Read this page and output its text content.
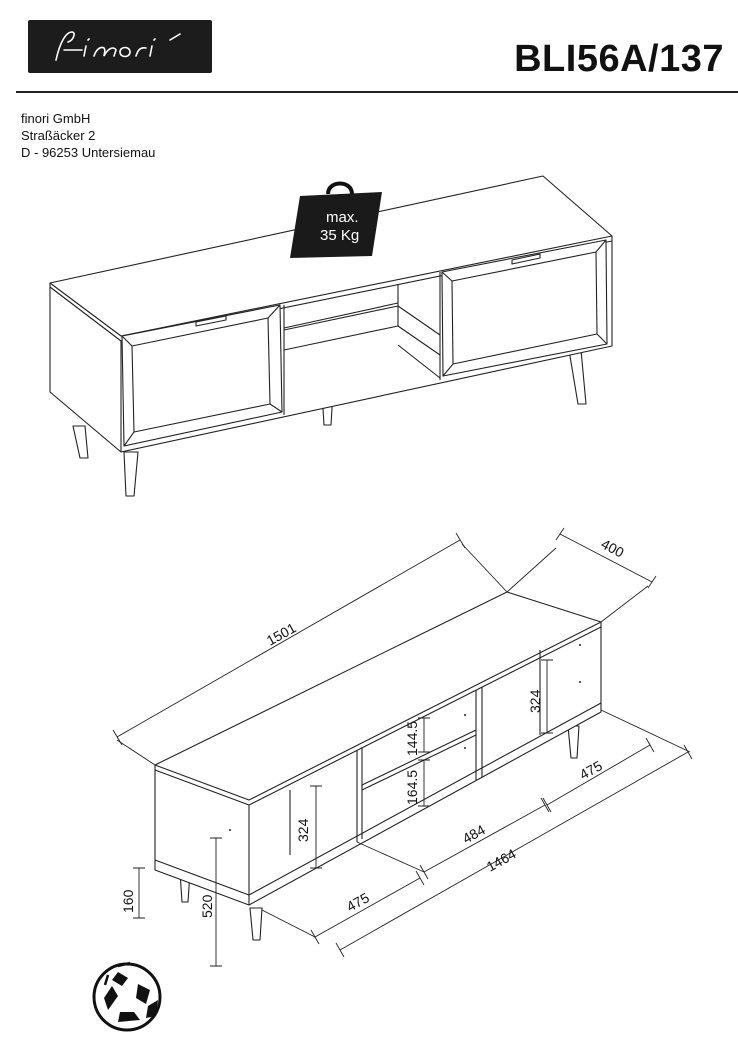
BLI56A/137
finori GmbH
Straßäcker 2
D - 96253 Untersiemau
max.
35 Kg
1501
400
1464
484
475
475
324
324
144.5
164.5
520
160
